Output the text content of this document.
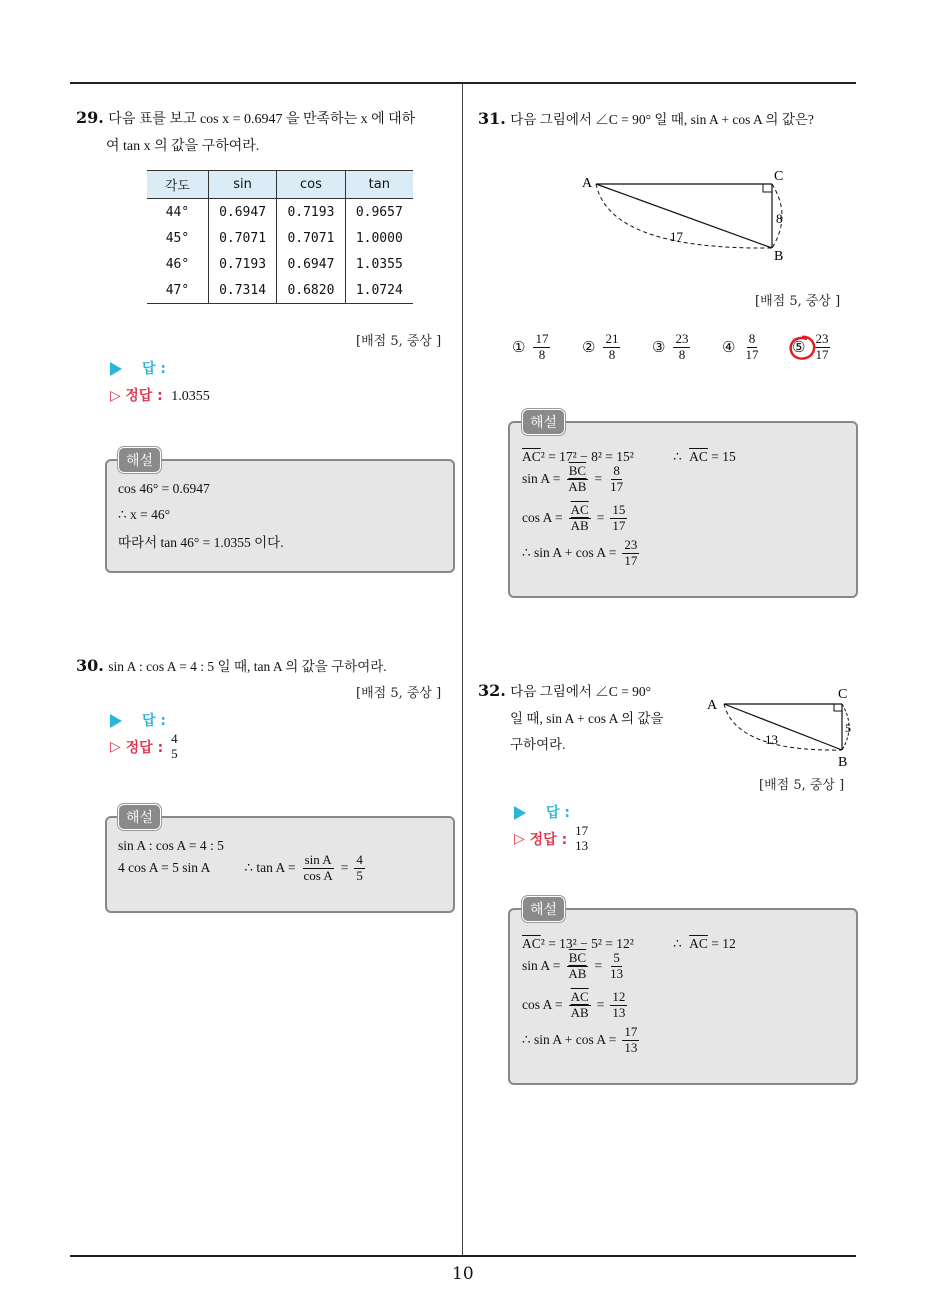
10
29. 다음 표를 보고 cos x = 0.6947 을 만족하는 x 에 대하
여 tan x 의 값을 구하여라.
각도	sin	cos	tan
44°	0.6947	0.7193	0.9657
45°	0.7071	0.7071	1.0000
46°	0.7193	0.6947	1.0355
47°	0.7314	0.6820	1.0724
[배점 5, 중상 ]
답 :
▷ 정답 : 1.0355
해설
cos 46° = 0.6947
∴ x = 46°
따라서 tan 46° = 1.0355 이다.
30. sin A : cos A = 4 : 5 일 때, tan A 의 값을 구하여라.
[배점 5, 중상 ]
답 :
▷ 정답 :
4
5
해설
sin A : cos A = 4 : 5
4 cos A = 5 sin A	∴ $\tan A = \frac{\text{sin A}}{\text{cos A}} = \frac{4}{5}$
31. 다음 그림에서 ∠C = 90° 일 때, sin A + cos A 의 값은?
A	C
B
17
8
[배점 5, 중상 ]
① $\frac{17}{8}$ ② $\frac{21}{8}$ ③ $\frac{23}{8}$ ④ $\frac{8}{17}$ ⑤ $\frac{23}{17}$
해설
$\overline{AC}^2 = 17^2 - 8^2 = 15^2$	∴ $\overline{AC} = 15$
$\sin A = \frac{\overline{BC}}{AB} = \frac{8}{17}$
$\cos A = \frac{\overline{AC}}{AB} = \frac{15}{17}$
∴ $\sin A + \cos A = \frac{23}{17}$
32. 다음 그림에서 ∠C = 90°
일 때, sin A + cos A 의 값을
구하여라.
A
C
B
13
5
[배점 5, 중상 ]
답 :
▷ 정답 :
17
13
해설
$\overline{AC}^2 = 13^2 - 5^2 = 12^2$	∴ $\overline{AC} = 12$
$\sin A = \frac{\overline{BC}}{AB} = \frac{5}{13}$
$\cos A = \frac{\overline{AC}}{AB} = \frac{12}{13}$
∴ $\sin A + \cos A = \frac{17}{13}$
